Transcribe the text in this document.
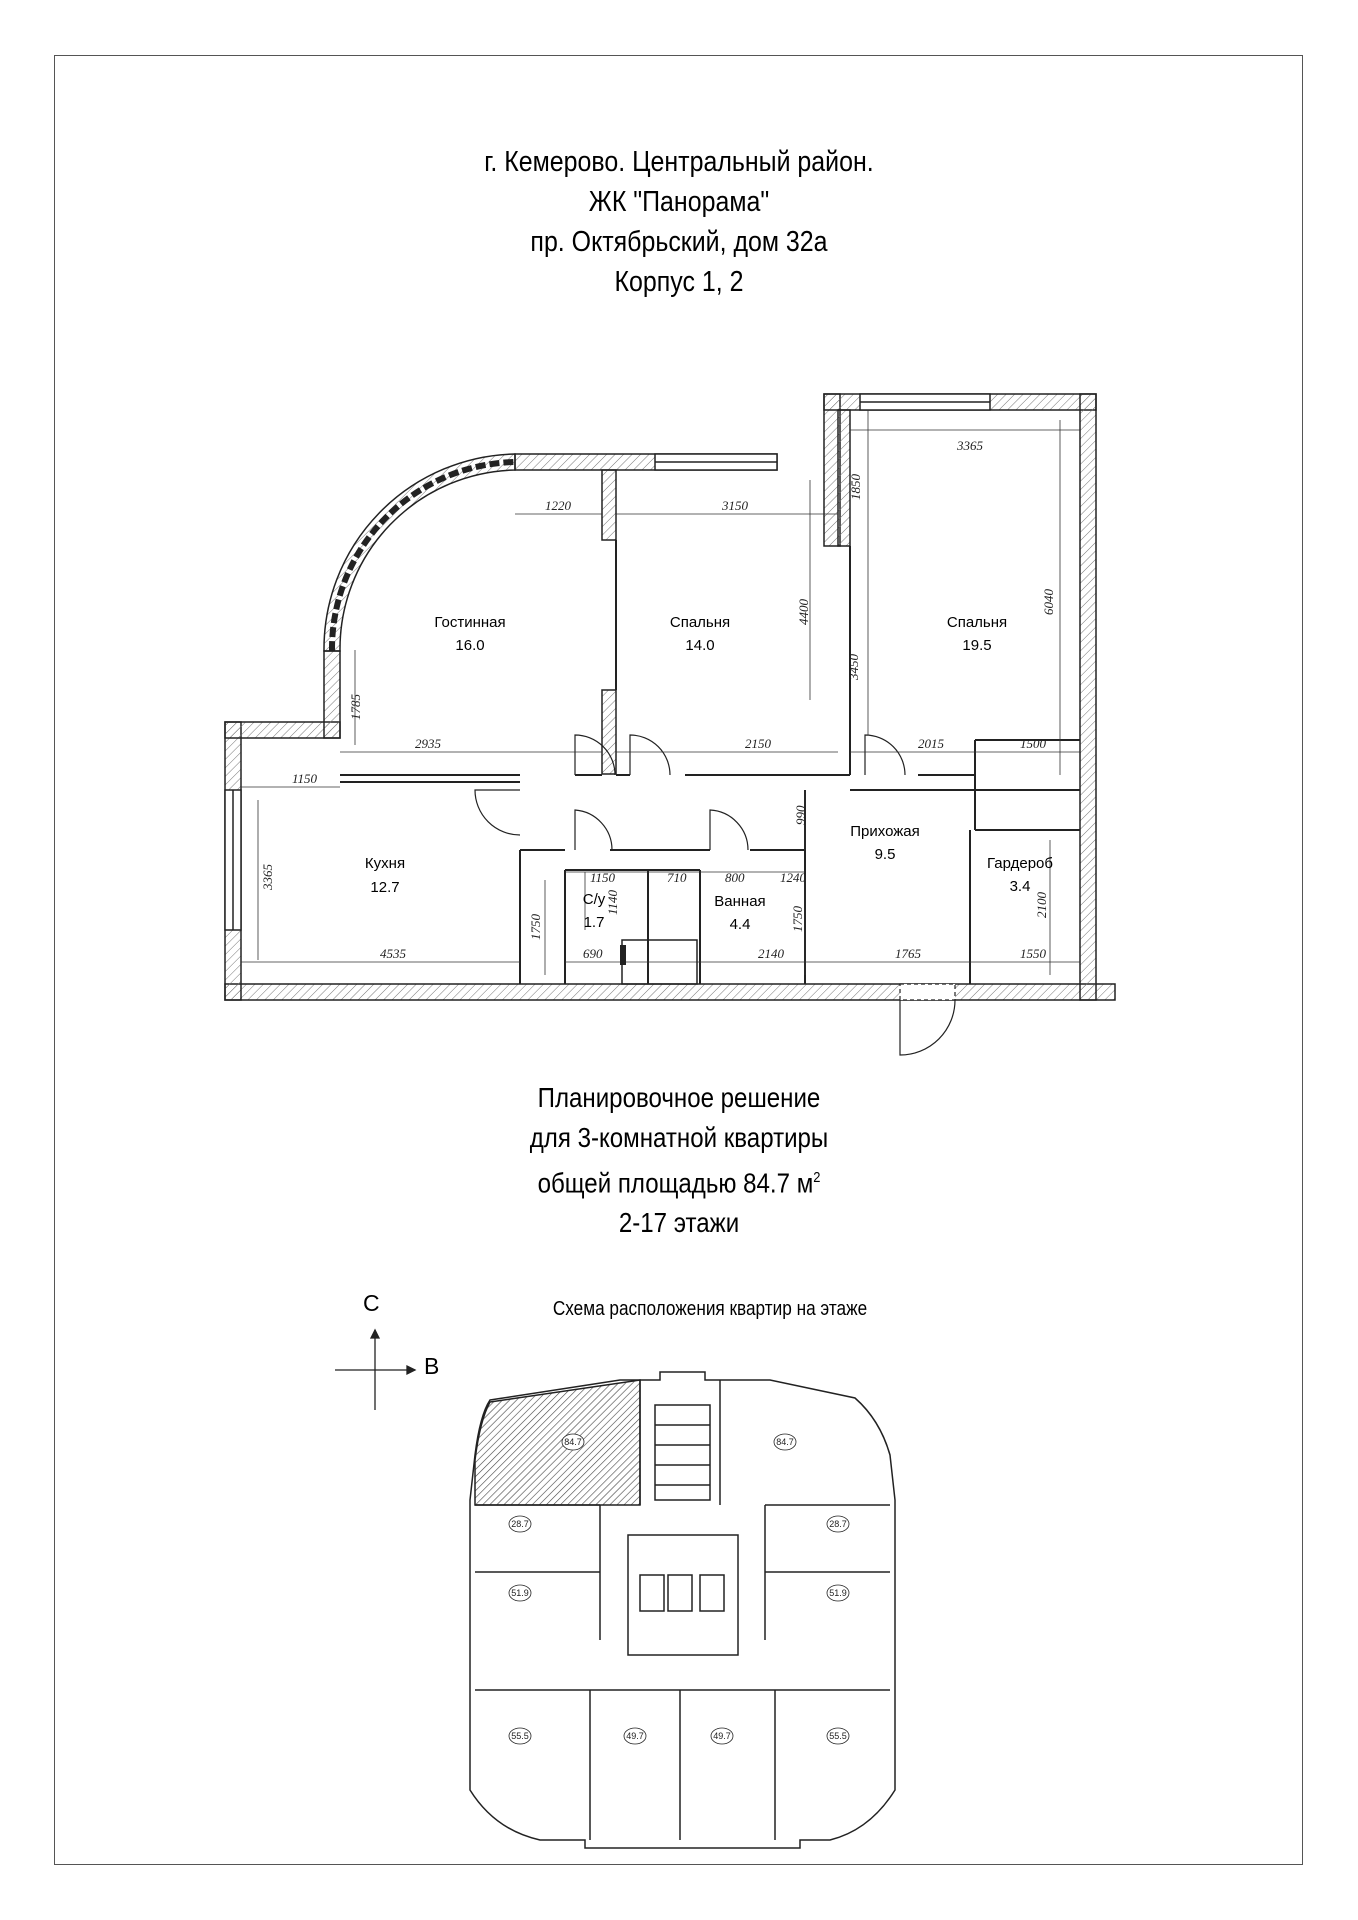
г. Кемерово. Центральный район.
ЖК "Панорама"
пр. Октябрьский, дом 32а
Корпус 1, 2
Гостинная
16.0
Спальня
14.0
Спальня
19.5
Кухня
12.7
С/у
1.7
Ванная
4.4
Прихожая
9.5
Гардероб
3.4
1220	3150
3365
1850
4400
3450
6040
1785
2935	2150	2015	1500
1150
990
3365	1150	710	800	1240
1140
1750	1750
2100
4535	690	2140	1765	1550
84.7	84.7
28.7	28.7
51.9	51.9
55.5	49.7	49.7	55.5
Планировочное решение
для 3-комнатной квартиры
общей площадью 84.7 $м^2$
2-17 этажи
С
В
Схема расположения квартир на этаже
